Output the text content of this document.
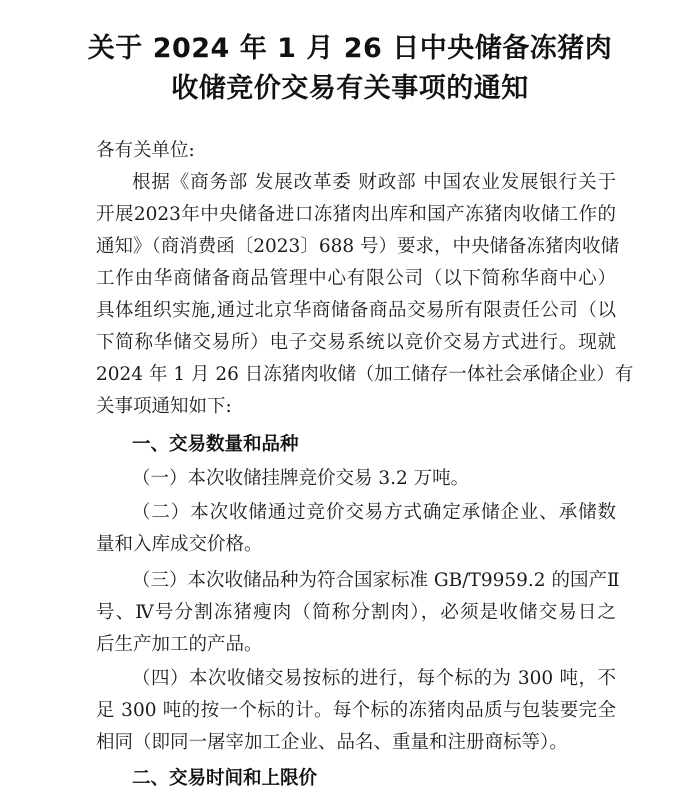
关于 2024 年 1 月 26 日中央储备冻猪肉
收储竞价交易有关事项的通知
各有关单位:
根据《商务部 发展改革委 财政部 中国农业发展银行关于
开展2023年中央储备进口冻猪肉出库和国产冻猪肉收储工作的
通知》（商消费函〔2023〕688 号）要求，中央储备冻猪肉收储
工作由华商储备商品管理中心有限公司（以下简称华商中心）
具体组织实施,通过北京华商储备商品交易所有限责任公司（以
下简称华储交易所）电子交易系统以竞价交易方式进行。现就
2024 年 1 月 26 日冻猪肉收储（加工储存一体社会承储企业）有
关事项通知如下:
一、交易数量和品种
（一）本次收储挂牌竞价交易 3.2 万吨。
（二）本次收储通过竞价交易方式确定承储企业、承储数
量和入库成交价格。
（三）本次收储品种为符合国家标准 GB/T9959.2 的国产Ⅱ
号、Ⅳ号分割冻猪瘦肉（简称分割肉），必须是收储交易日之
后生产加工的产品。
（四）本次收储交易按标的进行，每个标的为 300 吨，不
足 300 吨的按一个标的计。每个标的冻猪肉品质与包装要完全
相同（即同一屠宰加工企业、品名、重量和注册商标等）。
二、交易时间和上限价
